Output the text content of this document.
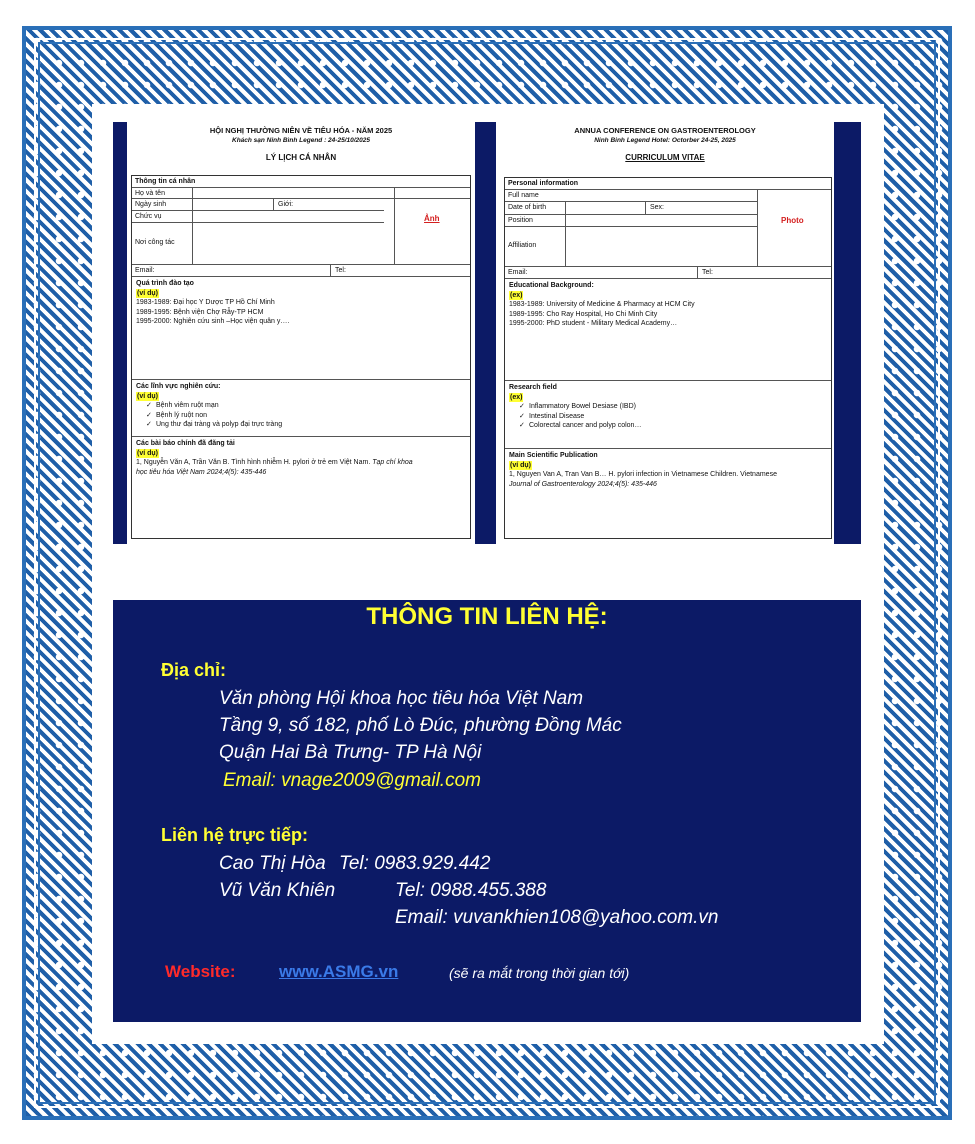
HỘI NGHỊ THƯỜNG NIÊN VỀ TIÊU HÓA - NĂM 2025
Khách sạn Ninh Bình Legend : 24-25/10/2025
LÝ LỊCH CÁ NHÂN
Thông tin cá nhân
Họ và tên
Ngày sinh	Giới:
Chức vụ
Nơi công tác
Ảnh
Email:	Tel:
Quá trình đào tạo
(ví dụ)
1983-1989: Đại học Y Dược TP Hồ Chí Minh
1989-1995: Bệnh viện Chợ Rẫy-TP HCM
1995-2000: Nghiên cứu sinh –Học viện quân y….
Các lĩnh vực nghiên cứu:
(ví dụ)
✓ Bệnh viêm ruột mạn
✓ Bệnh lý ruột non
✓ Ung thư đại tràng và polyp đại trực tràng
Các bài báo chính đã đăng tải
(ví dụ)
1, Nguyễn Văn A, Trần Văn B. Tình hình nhiễm H. pylori ở trẻ em Việt Nam. Tạp chí khoa
học tiêu hóa Việt Nam 2024;4(5): 435-446
ANNUA CONFERENCE ON GASTROENTEROLOGY
Ninh Binh Legend Hotel: Octorber 24-25, 2025
CURRICULUM VITAE
Personal information
Full name
Date of birth	Sex:
Position
Affiliation
Photo
Email:	Tel:
Educational Background:
(ex)
1983-1989: University of Medicine & Pharmacy at HCM City
1989-1995: Cho Ray Hospital, Ho Chi Minh City
1995-2000: PhD student - Military Medical Academy…
Research field
(ex)
✓ Inflammatory Bowel Desiase (IBD)
✓ Intestinal Disease
✓ Colorectal cancer and polyp colon…
Main Scientific Publication
(ví dụ)
1, Nguyen Van A, Tran Van B… H. pylori infection in Vietnamese Children. Vietnamese
Journal of Gastroenterology 2024;4(5): 435-446
THÔNG TIN LIÊN HỆ:
Địa chỉ:
Văn phòng Hội khoa học tiêu hóa Việt Nam
Tầng 9, số 182, phố Lò Đúc, phường Đồng Mác
Quận Hai Bà Trưng- TP Hà Nội
Email: vnage2009@gmail.com
Liên hệ trực tiếp:
Cao Thị Hòa Tel: 0983.929.442
Vũ Văn Khiên	Tel: 0988.455.388
Email: vuvankhien108@yahoo.com.vn
Website:	www.ASMG.vn	(sẽ ra mắt trong thời gian tới)
